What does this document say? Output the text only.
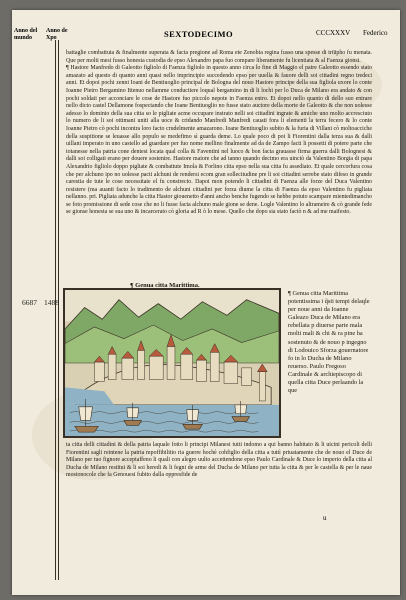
Anno del
mundo
Anno de
Xpo	SEXTODECIMO	CCCXXXV Federico
6687 1488

battaglie combattuta & finalmente superata & facta pregione ad Roma ete Zenobia regina fusso una spesse di triu̅pho fu menata. Que per molti mesi fusso honesta custodia de epso Alexandro papa fuo compare liberamente fu licentiata & al Faenza gionsi.

¶ Hastore Manfredo di Galeotto figliolo di Faenza figliolo in questo anno circa lo fine di Maggio el patre Galeotto essendo stato amazato ad questo di quanto anni quasi nello imprincipio succedendo epso per uuella & fauore delli soi cittadini regno tredeci anni. Et dopoi pochi zenni Ioani de Bentiuoglio principal de Bologna del nouo Hastore principe della sua figliola uxore lo conte Ioanne Pietro Bergamino Ittenuo nellamme conductiere loqual bergamino in di li lochi per lo Duca de Milano era andato & con pochi soldati per acconciare le cose de Hastore fuo piccolo nepote in Faenza entro. Et dopoi nello quanto di dello suo entrare nello dicto castel Dellamone fospectando che Ioane Bentiuoglio no fusse stato auctore della morte de Galeotto & che non uolesse adesso lo dominio della sua citta so le pigliate acme occupare instrato nelli soi cittadini ingrate & amiche uno molto accresciuto lo numero de li soi ottimani uniti alla uoce & cridando Manfredi Manfredi cauati fora li elementi la terra fecero & lo conte Ioanne Pietro cò pochi incontra loro facto crudelmente amazarono. Ioane Bentiuoglio subito & la furia di Villani cò moltoacciche della suspitione se leuasse allo populo se medefimo sì guarda deme. Lo quale poco di poi li Fiorentini dalla terza sua & dalli uillani imperato in uno castello ad guardare per fuo nome mellino finalmente ad da de Zampo facti li possetti di potere parte che totanesse nella patria cone dentesi locata qual colla & Faventini nel luoco & bon facta grauasse firma guerra dalli Bolognesi & dalli soi colligati erano per douere sostenire. Hastore maiore che ad tanno quando decimo era uinctò da Valentino Borgia di papa Alexandrio figliolo doppo pigliate & combattute Imola & Forlino citta epso nella sua citta fu assediato. Et quale cercorfura cosa che per alchuno ipo no uolesse pacti alchuni de rendersi ecom gran sollecitudine pre li soi cittadini serrebe stato difeso in grande carestia de tute le cose necessitate el fu constrecto. Dapoi mon potendo li cittadini di Faenza alle forze del Duca Valentino resistere (ma auanti facto lo tradimento de alchuni cittadini per forza diume la citta di Faenza da epso Valentino fu pigliata nellanno. pri. Pigliata adunche la citta Hastor giouenetto d'anni ancho benche fugendo se hebbe potuto scampare mientedimancho se foto promissione di sede cose che no li fusse facta alchuno male gione se dene. Logle Valentino lo altrameire & cò grande fede se gionse honesta se sua uno & incarcerato cò gloria ad R ò lo mese. Quello che dopo sia stato factò n & ad me maifesto.

¶ Genua citta Marittima.
¶ Genua citta Marittima potentissima i q̃sti tempi delaqle per noue anni da Ioanne Galeazo Duca de Milano era rebellata p diuerse parte mala molti mali & chi & ra pine ha sostenuto & de nouo p ingegno di Lodouico Sforza gouernatore fo in lo Ducha de Milano reuerso. Paulo Fregoso Cardinale & archiepiscopo di quella citta Duce perlaando la que
ta citta delli cittadini & della patria laquale fotto li principi Milanesi tutti indomo a qui banno habitato & li uicini pericoli delli Fiorentini sagli reintene la patria mpoffibilitio ria guerre hochè cohfiglio della citta a tuttì priuatamente che de nouo el Duce de Milano per tuo fignore acceptaffeno li quali con alegro uulto accettendone epso Paulo Cardinale & Duce lo imperio della citta al Ducha de Milano restitui & li soi heredi & li fegni de arme del Ducha de Milano per tutta la citta & per le castella & per le naue mostonocole che fa Genouesi fubito dalla oppresfide de
u
